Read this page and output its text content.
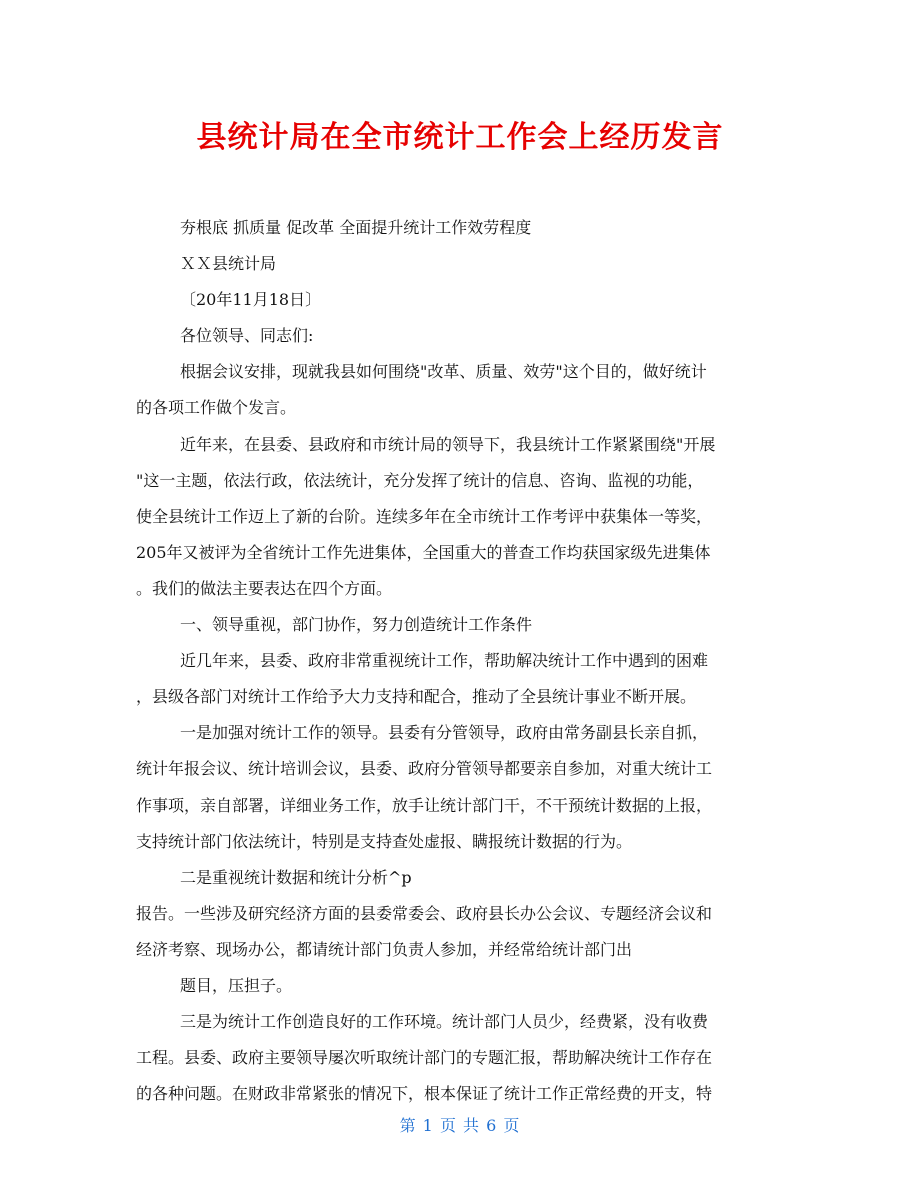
县统计局在全市统计工作会上经历发言
夯根底 抓质量 促改革 全面提升统计工作效劳程度
ＸＸ县统计局
〔20年11月18日〕
各位领导、同志们:
根据会议安排，现就我县如何围绕"改革、质量、效劳"这个目的，做好统计
的各项工作做个发言。
近年来，在县委、县政府和市统计局的领导下，我县统计工作紧紧围绕"开展
"这一主题，依法行政，依法统计，充分发挥了统计的信息、咨询、监视的功能，
使全县统计工作迈上了新的台阶。连续多年在全市统计工作考评中获集体一等奖，
205年又被评为全省统计工作先进集体，全国重大的普查工作均获国家级先进集体
。我们的做法主要表达在四个方面。
一、领导重视，部门协作，努力创造统计工作条件
近几年来，县委、政府非常重视统计工作，帮助解决统计工作中遇到的困难
，县级各部门对统计工作给予大力支持和配合，推动了全县统计事业不断开展。
一是加强对统计工作的领导。县委有分管领导，政府由常务副县长亲自抓，
统计年报会议、统计培训会议，县委、政府分管领导都要亲自参加，对重大统计工
作事项，亲自部署，详细业务工作，放手让统计部门干，不干预统计数据的上报，
支持统计部门依法统计，特别是支持查处虚报、瞒报统计数据的行为。
二是重视统计数据和统计分析^p
报告。一些涉及研究经济方面的县委常委会、政府县长办公会议、专题经济会议和
经济考察、现场办公，都请统计部门负责人参加，并经常给统计部门出
题目，压担子。
三是为统计工作创造良好的工作环境。统计部门人员少，经费紧，没有收费
工程。县委、政府主要领导屡次听取统计部门的专题汇报，帮助解决统计工作存在
的各种问题。在财政非常紧张的情况下，根本保证了统计工作正常经费的开支，特
第 1 页 共 6 页
